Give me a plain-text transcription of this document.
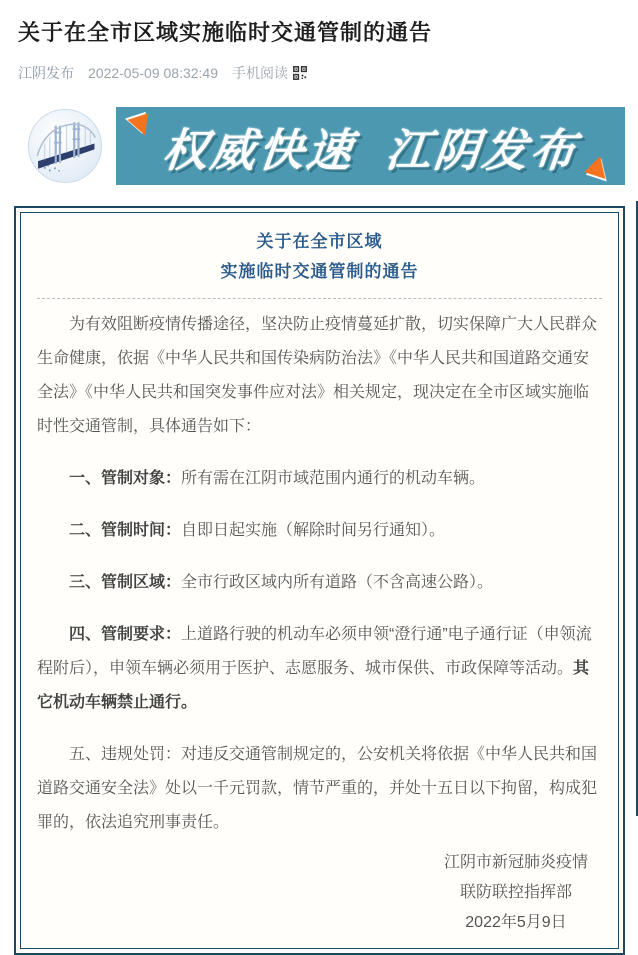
关于在全市区域实施临时交通管制的通告
江阴发布 2022-05-09 08:32:49 手机阅读
权威快速 江阴发布
关于在全市区域
实施临时交通管制的通告

为有效阻断疫情传播途径，坚决防止疫情蔓延扩散，切实保障广大人民群众生命健康，依据《中华人民共和国传染病防治法》《中华人民共和国道路交通安全法》《中华人民共和国突发事件应对法》相关规定，现决定在全市区域实施临时性交通管制，具体通告如下：

一、管制对象：所有需在江阴市域范围内通行的机动车辆。

二、管制时间：自即日起实施（解除时间另行通知）。

三、管制区域：全市行政区域内所有道路（不含高速公路）。

四、管制要求：上道路行驶的机动车必须申领“澄行通”电子通行证（申领流程附后），申领车辆必须用于医护、志愿服务、城市保供、市政保障等活动。其它机动车辆禁止通行。

五、违规处罚：对违反交通管制规定的，公安机关将依据《中华人民共和国道路交通安全法》处以一千元罚款，情节严重的，并处十五日以下拘留，构成犯罪的，依法追究刑事责任。

江阴市新冠肺炎疫情
联防联控指挥部
2022年5月9日
